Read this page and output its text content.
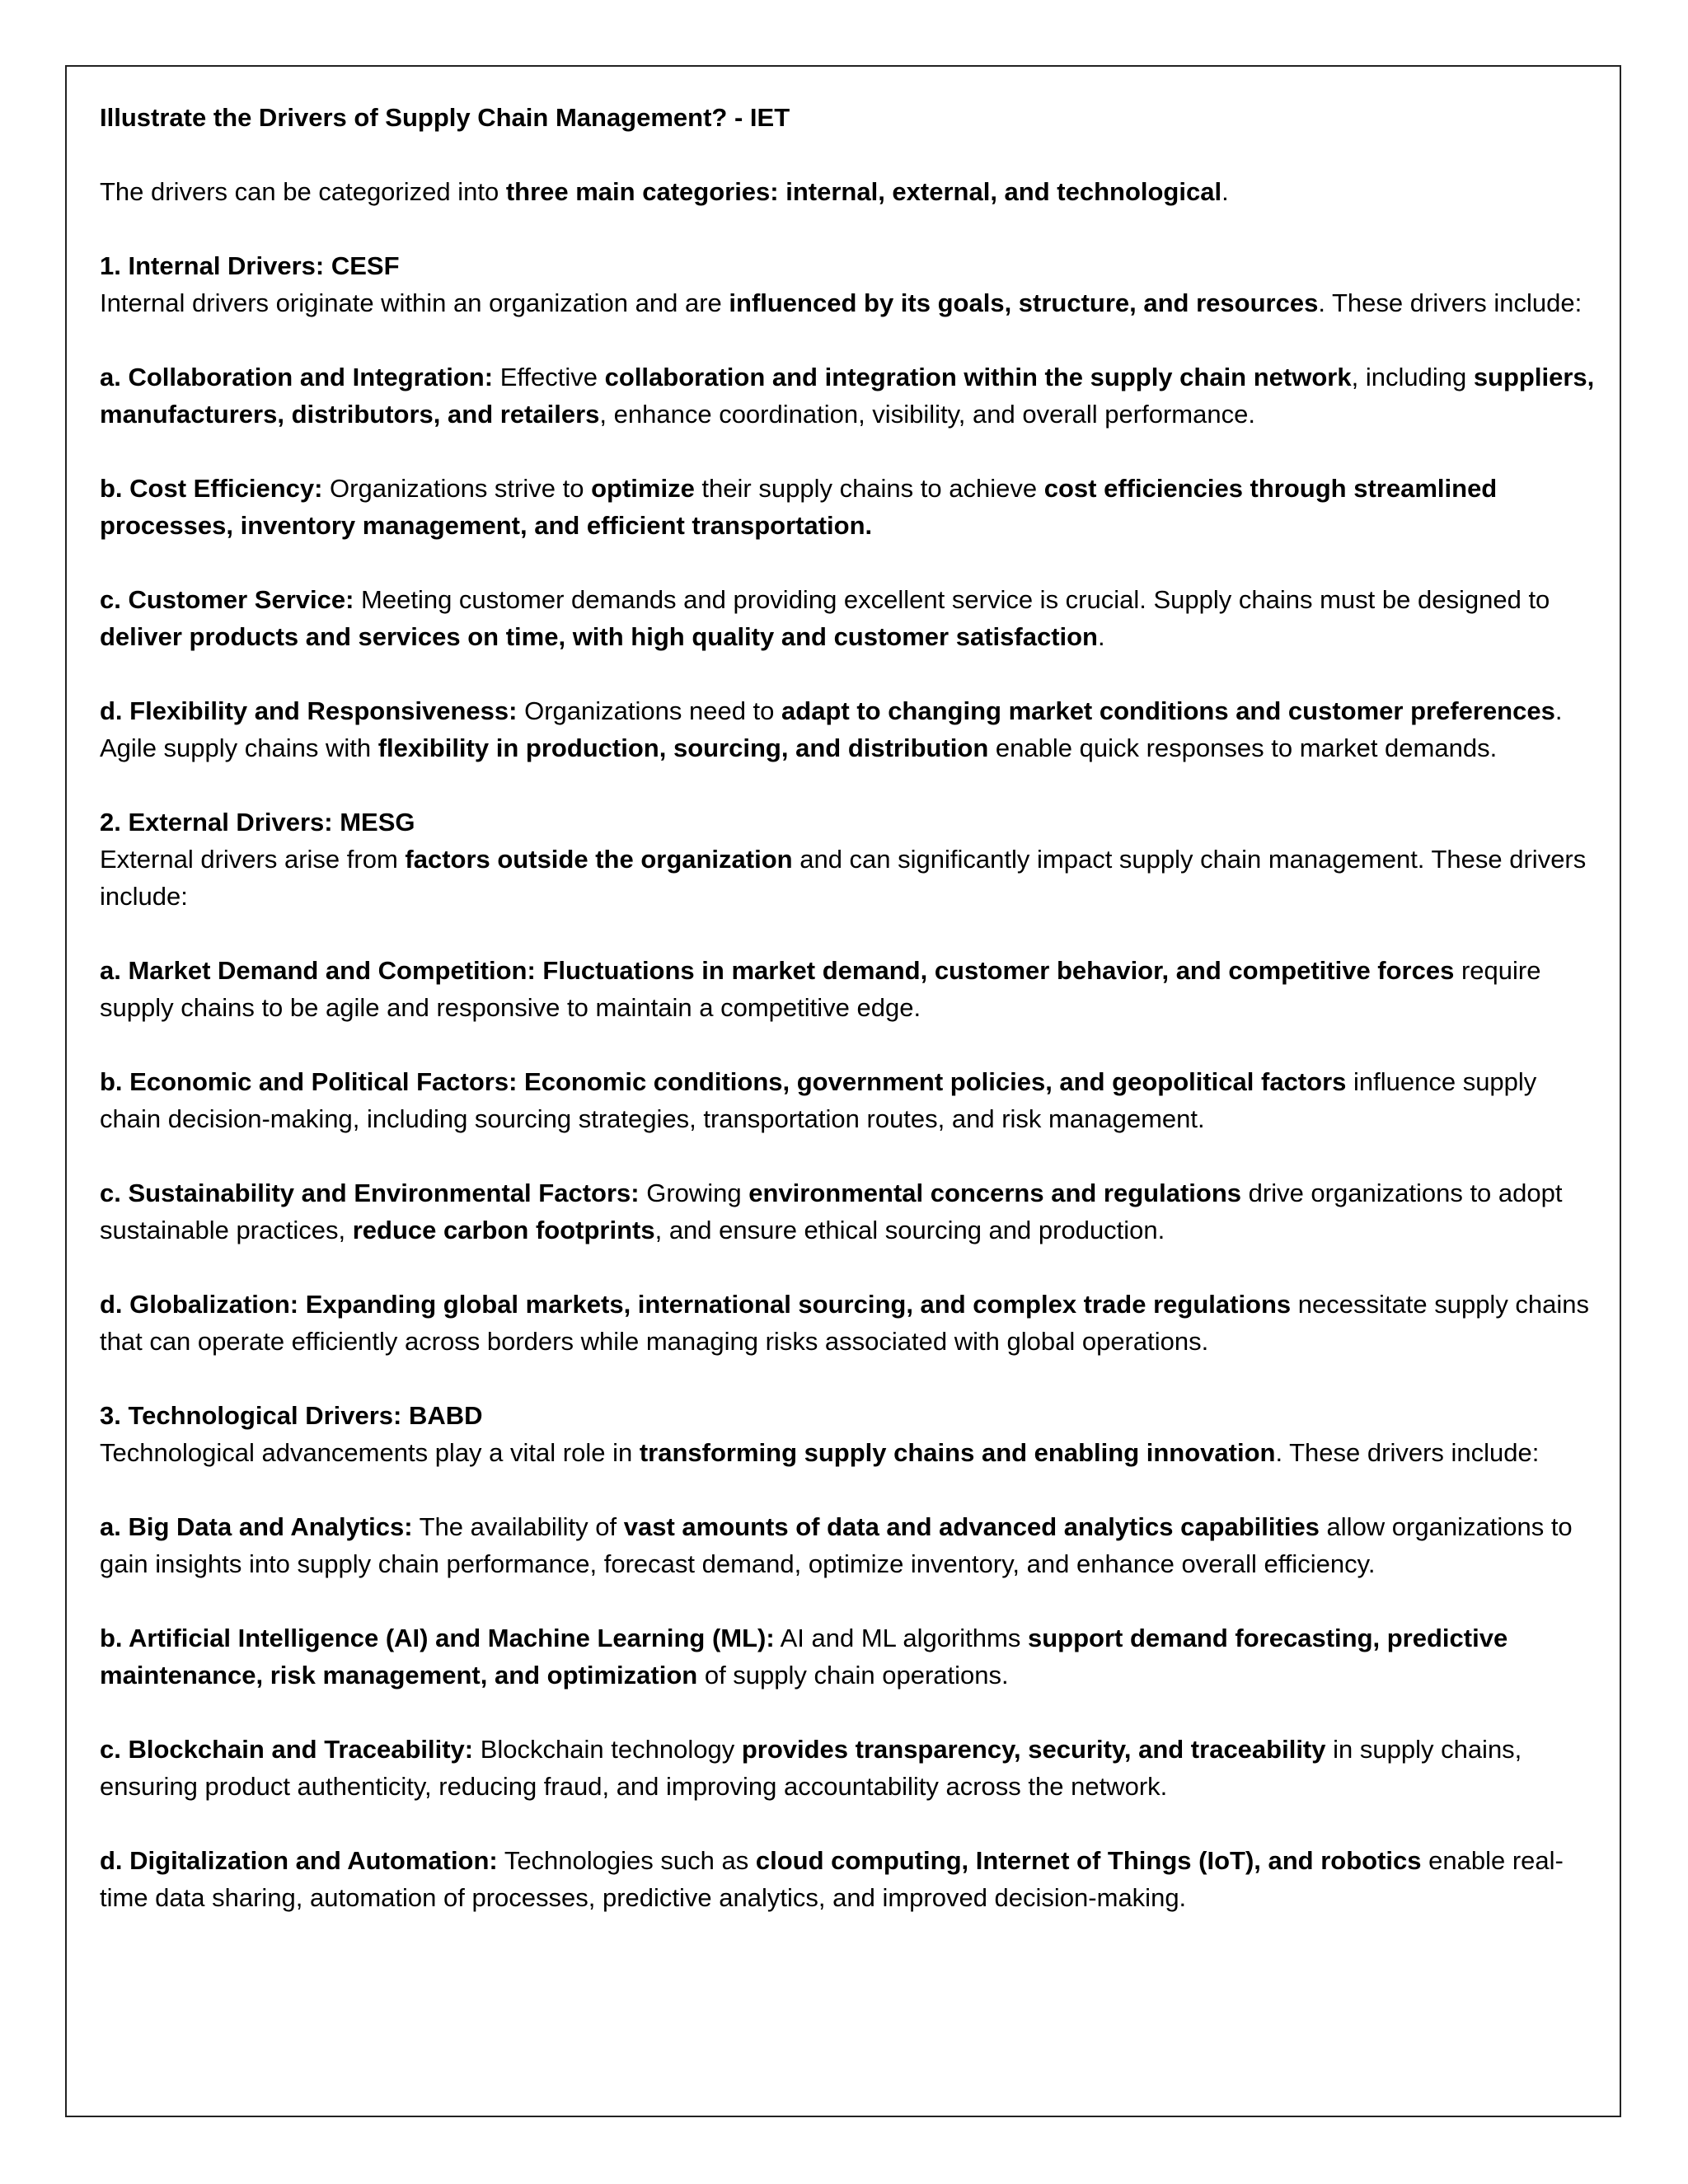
Illustrate the Drivers of Supply Chain Management? - IET

The drivers can be categorized into three main categories: internal, external, and technological.

1. Internal Drivers: CESF

Internal drivers originate within an organization and are influenced by its goals, structure, and resources. These drivers include:

a. Collaboration and Integration: Effective collaboration and integration within the supply chain network, including suppliers, manufacturers, distributors, and retailers, enhance coordination, visibility, and overall performance.

b. Cost Efficiency: Organizations strive to optimize their supply chains to achieve cost efficiencies through streamlined processes, inventory management, and efficient transportation.

c. Customer Service: Meeting customer demands and providing excellent service is crucial. Supply chains must be designed to deliver products and services on time, with high quality and customer satisfaction.

d. Flexibility and Responsiveness: Organizations need to adapt to changing market conditions and customer preferences. Agile supply chains with flexibility in production, sourcing, and distribution enable quick responses to market demands.

2. External Drivers: MESG

External drivers arise from factors outside the organization and can significantly impact supply chain management. These drivers include:

a. Market Demand and Competition: Fluctuations in market demand, customer behavior, and competitive forces require supply chains to be agile and responsive to maintain a competitive edge.

b. Economic and Political Factors: Economic conditions, government policies, and geopolitical factors influence supply chain decision-making, including sourcing strategies, transportation routes, and risk management.

c. Sustainability and Environmental Factors: Growing environmental concerns and regulations drive organizations to adopt sustainable practices, reduce carbon footprints, and ensure ethical sourcing and production.

d. Globalization: Expanding global markets, international sourcing, and complex trade regulations necessitate supply chains that can operate efficiently across borders while managing risks associated with global operations.

3. Technological Drivers: BABD

Technological advancements play a vital role in transforming supply chains and enabling innovation. These drivers include:

a. Big Data and Analytics: The availability of vast amounts of data and advanced analytics capabilities allow organizations to gain insights into supply chain performance, forecast demand, optimize inventory, and enhance overall efficiency.

b. Artificial Intelligence (AI) and Machine Learning (ML): AI and ML algorithms support demand forecasting, predictive maintenance, risk management, and optimization of supply chain operations.

c. Blockchain and Traceability: Blockchain technology provides transparency, security, and traceability in supply chains, ensuring product authenticity, reducing fraud, and improving accountability across the network.

d. Digitalization and Automation: Technologies such as cloud computing, Internet of Things (IoT), and robotics enable real-time data sharing, automation of processes, predictive analytics, and improved decision-making.
